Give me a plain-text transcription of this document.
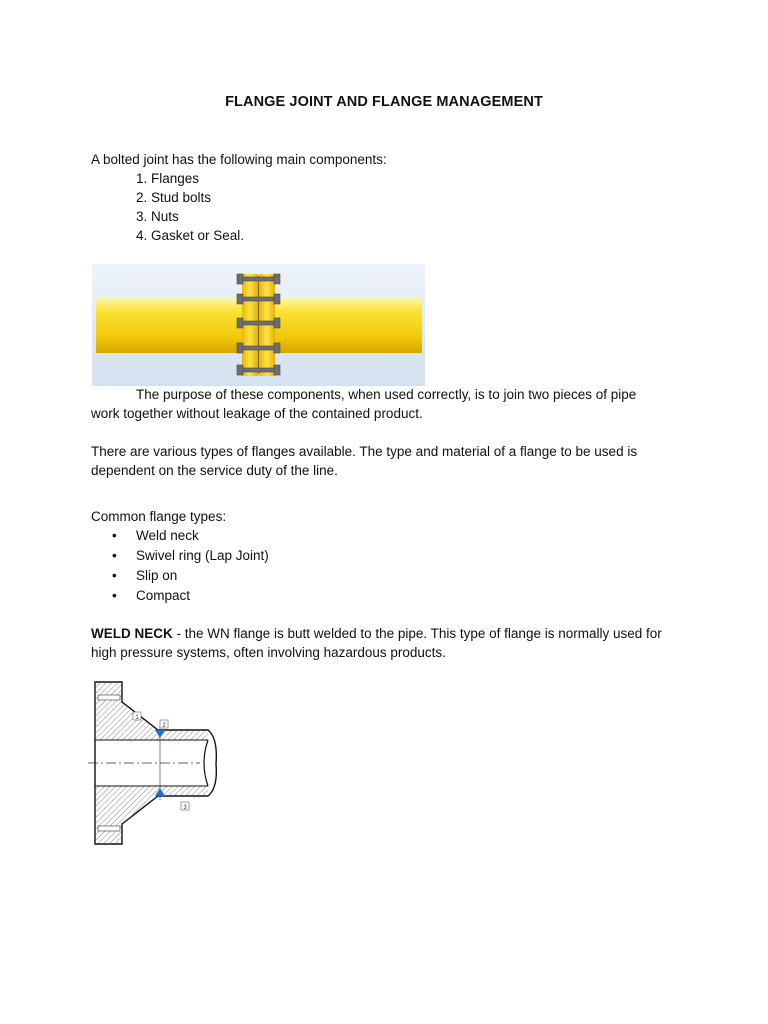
FLANGE JOINT AND FLANGE MANAGEMENT
A bolted joint has the following main components:
1. Flanges
2. Stud bolts
3. Nuts
4. Gasket or Seal.
The purpose of these components, when used correctly, is to join two pieces of pipe
work together without leakage of the contained product.
There are various types of flanges available. The type and material of a flange to be used is
dependent on the service duty of the line.
Common flange types:
• Weld neck
• Swivel ring (Lap Joint)
• Slip on
• Compact
WELD NECK - the WN flange is butt welded to the pipe. This type of flange is normally used for
high pressure systems, often involving hazardous products.
1
2
3
